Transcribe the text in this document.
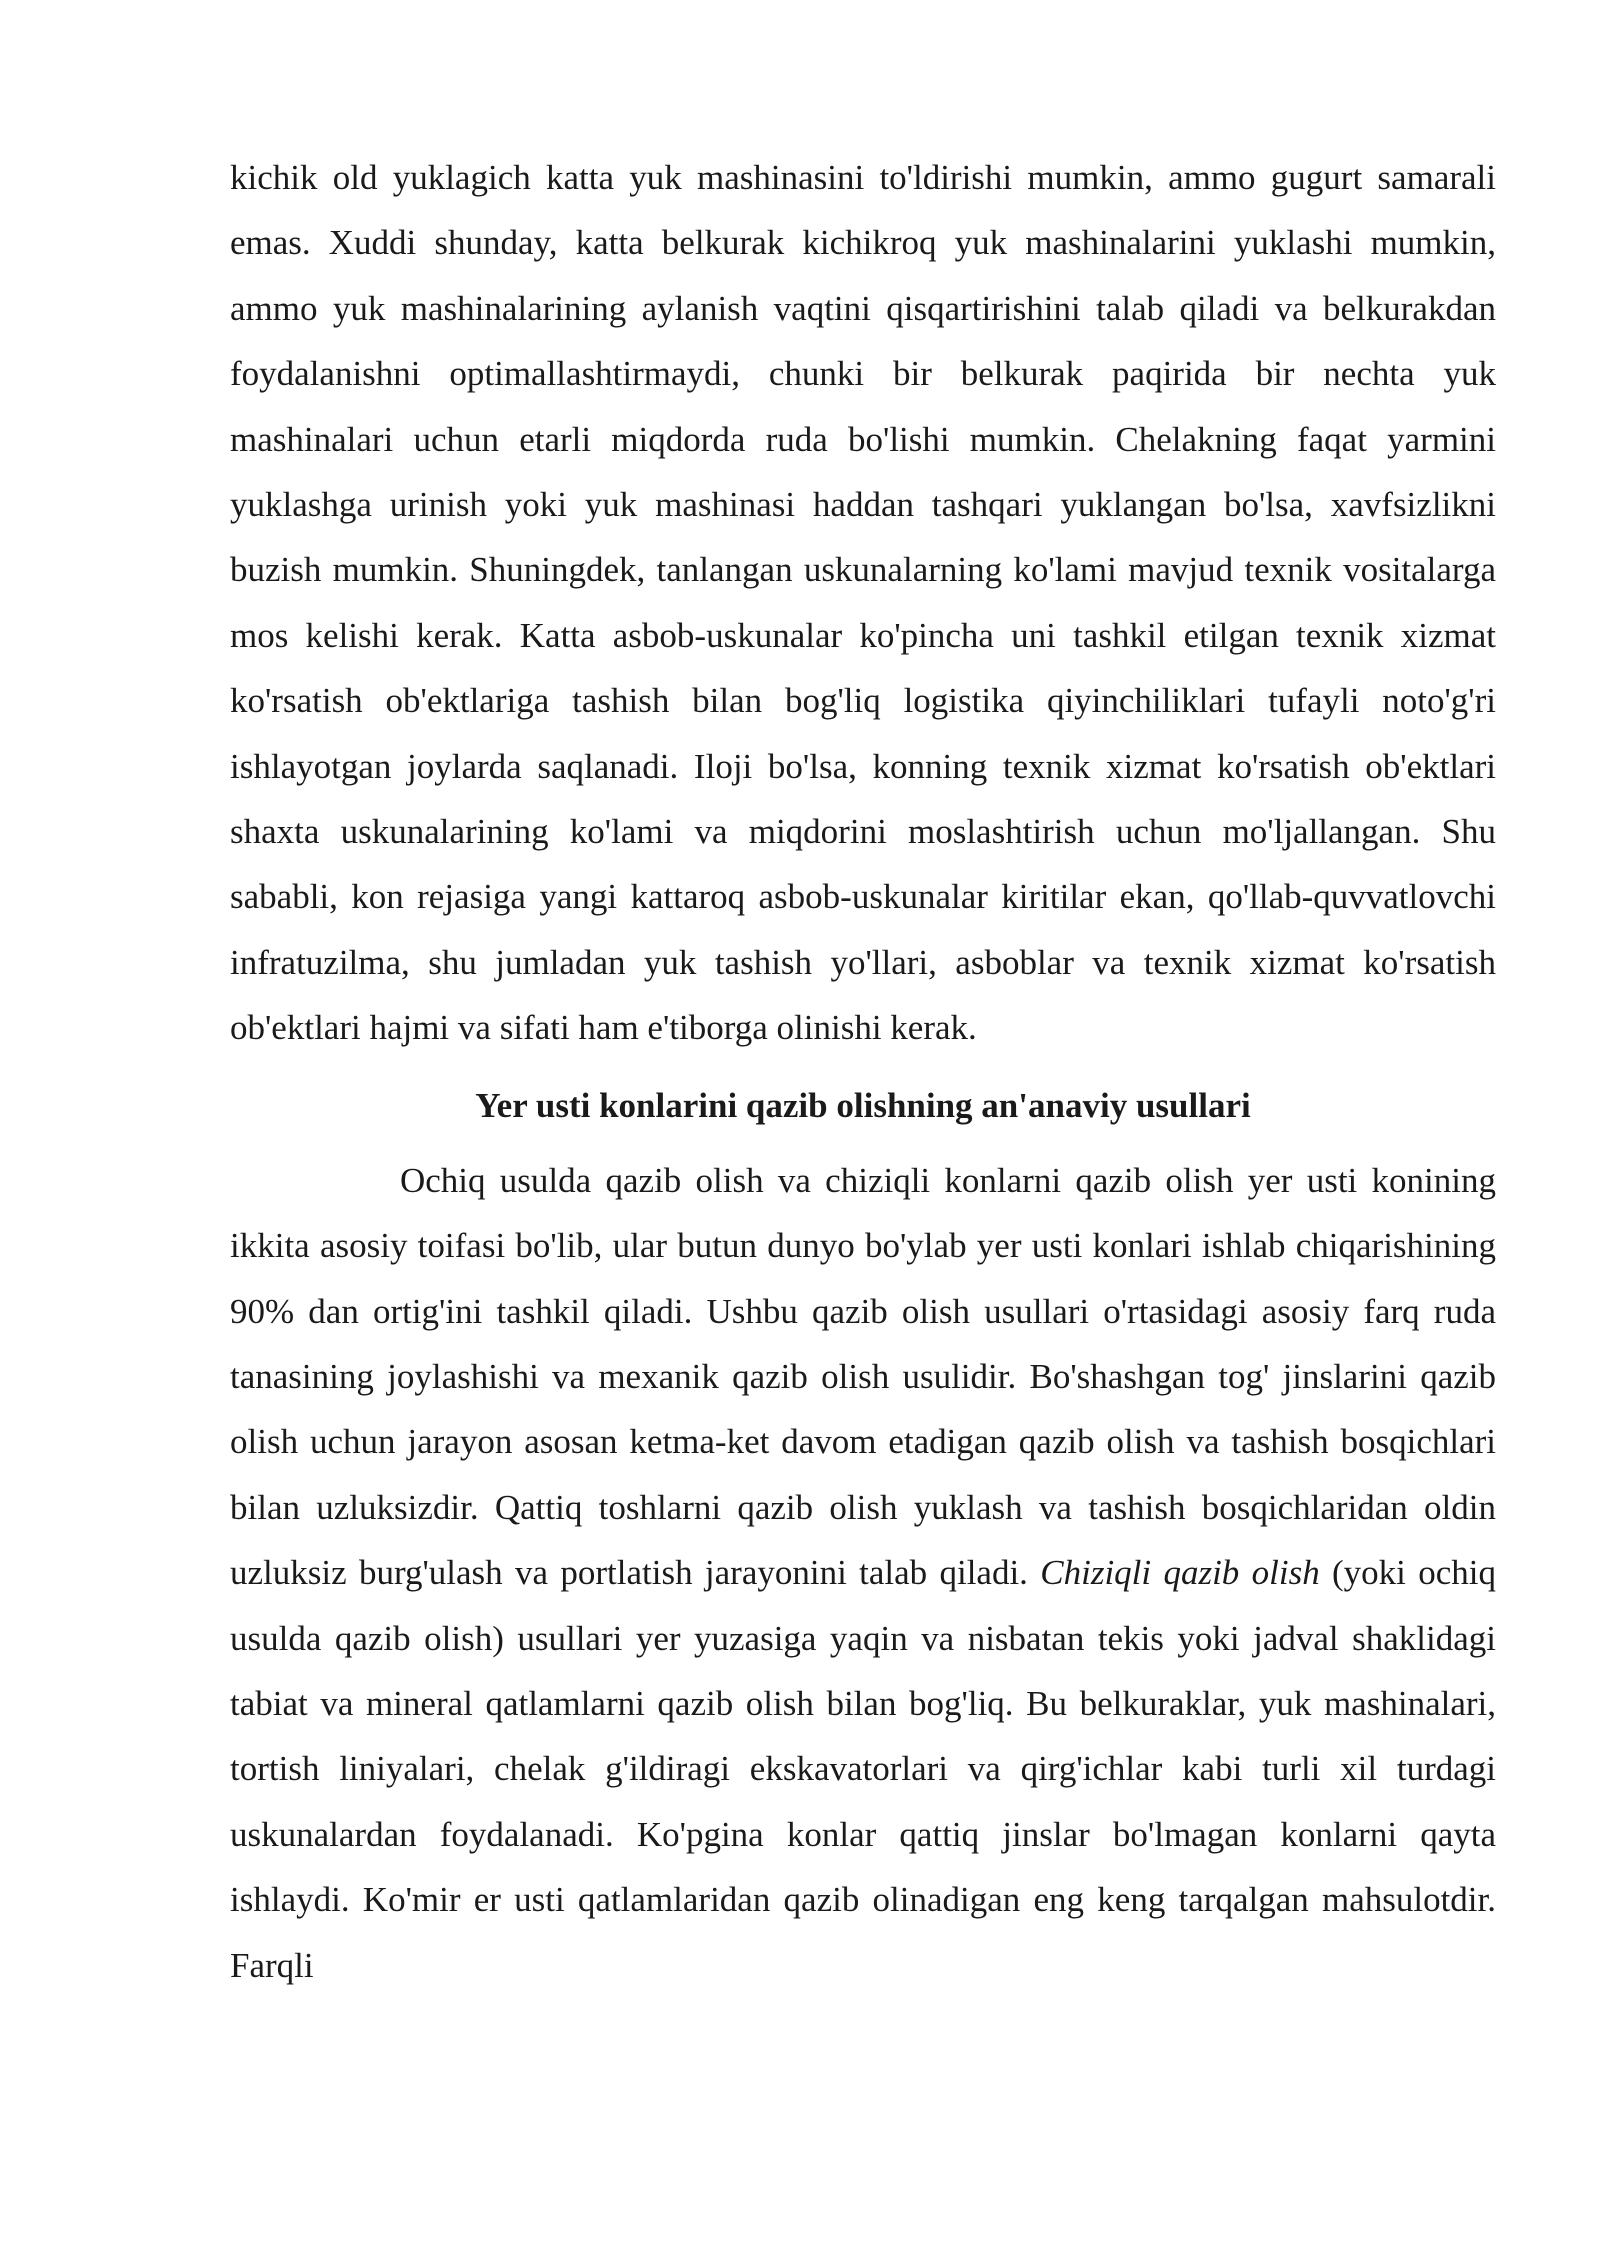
kichik old yuklagich katta yuk mashinasini to'ldirishi mumkin, ammo gugurt samarali emas. Xuddi shunday, katta belkurak kichikroq yuk mashinalarini yuklashi mumkin, ammo yuk mashinalarining aylanish vaqtini qisqartirishini talab qiladi va belkurakdan foydalanishni optimallashtirmaydi, chunki bir belkurak paqirida bir nechta yuk mashinalari uchun etarli miqdorda ruda bo'lishi mumkin. Chelakning faqat yarmini yuklashga urinish yoki yuk mashinasi haddan tashqari yuklangan bo'lsa, xavfsizlikni buzish mumkin. Shuningdek, tanlangan uskunalarning ko'lami mavjud texnik vositalarga mos kelishi kerak. Katta asbob-uskunalar ko'pincha uni tashkil etilgan texnik xizmat ko'rsatish ob'ektlariga tashish bilan bog'liq logistika qiyinchiliklari tufayli noto'g'ri ishlayotgan joylarda saqlanadi. Iloji bo'lsa, konning texnik xizmat ko'rsatish ob'ektlari shaxta uskunalarining ko'lami va miqdorini moslashtirish uchun mo'ljallangan. Shu sababli, kon rejasiga yangi kattaroq asbob-uskunalar kiritilar ekan, qo'llab-quvvatlovchi infratuzilma, shu jumladan yuk tashish yo'llari, asboblar va texnik xizmat ko'rsatish ob'ektlari hajmi va sifati ham e'tiborga olinishi kerak.

Yer usti konlarini qazib olishning an'anaviy usullari

Ochiq usulda qazib olish va chiziqli konlarni qazib olish yer usti konining ikkita asosiy toifasi bo'lib, ular butun dunyo bo'ylab yer usti konlari ishlab chiqarishining 90% dan ortig'ini tashkil qiladi. Ushbu qazib olish usullari o'rtasidagi asosiy farq ruda tanasining joylashishi va mexanik qazib olish usulidir. Bo'shashgan tog' jinslarini qazib olish uchun jarayon asosan ketma-ket davom etadigan qazib olish va tashish bosqichlari bilan uzluksizdir. Qattiq toshlarni qazib olish yuklash va tashish bosqichlaridan oldin uzluksiz burg'ulash va portlatish jarayonini talab qiladi. Chiziqli qazib olish (yoki ochiq usulda qazib olish) usullari yer yuzasiga yaqin va nisbatan tekis yoki jadval shaklidagi tabiat va mineral qatlamlarni qazib olish bilan bog'liq. Bu belkuraklar, yuk mashinalari, tortish liniyalari, chelak g'ildiragi ekskavatorlari va qirg'ichlar kabi turli xil turdagi uskunalardan foydalanadi. Ko'pgina konlar qattiq jinslar bo'lmagan konlarni qayta ishlaydi. Ko'mir er usti qatlamlaridan qazib olinadigan eng keng tarqalgan mahsulotdir. Farqli
